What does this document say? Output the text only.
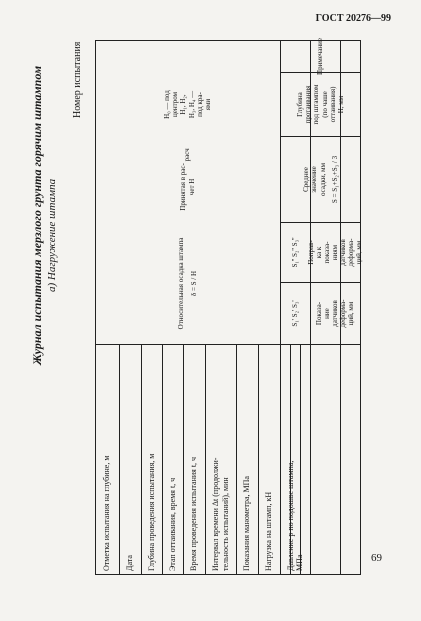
ГОСТ 20276—99
Журнал испытания мерзлого грунта горячим штампом а) Нагружение штампа
Номер испытания
Отметка испытания на глубине, м Дата Глубина проведения испытания, м Этап оттаивания, время t, ч Время проведения испытания t, ч Интервал времени Δt (продолжи-
тельность испытаний), мин Показания манометра, МПа Нагрузка на штамп, кН Давление p по подошве штампа,
МПа
Показа-
ние
датчиков
деформа-
ций, мм
Поправ-
ка к
показа-
ниям
датчиков
деформа-
ций, мм
S₁'

S₂'

S₃'
S₁''

S₂''

S₃''
Среднее
значение
осадки, мм
S = S₁+S₂+S₃ / 3
Глубина
протаивания
под штампом
(по чаше
оттаивания)
H, мм
Примечание
H₀ — под
центром
H₁, H₂,
H₃, H₄ —
под кра-
ями
Принятая в рас-
чет H

расч
Относительная осадка штампа δ = S / H
69
